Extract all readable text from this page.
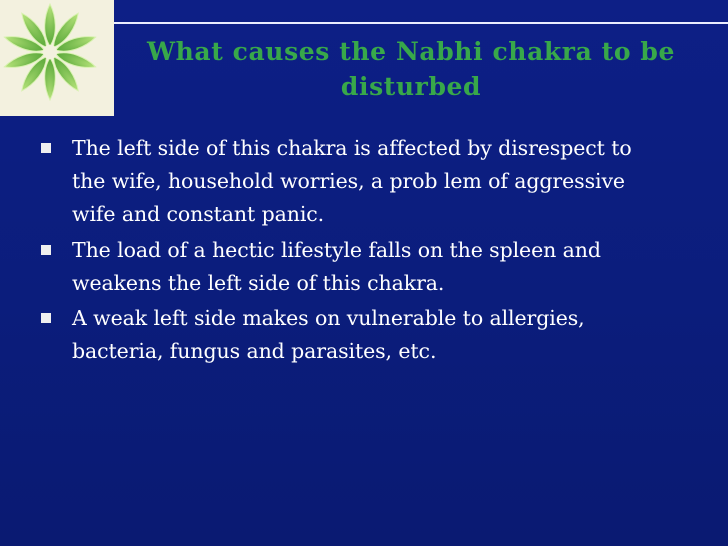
What causes the Nabhi chakra to be
disturbed
The left side of this chakra is affected by disrespect to
the wife, household worries, a prob lem of aggressive
wife and constant panic.
The load of a hectic lifestyle falls on the spleen and
weakens the left side of this chakra.
A weak left side makes on vulnerable to allergies,
bacteria, fungus and parasites, etc.
